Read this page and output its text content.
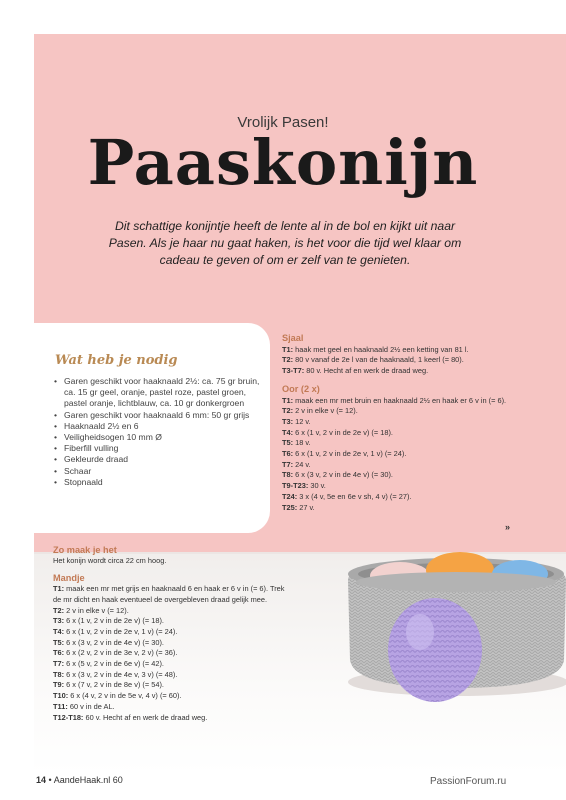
Vrolijk Pasen!
Paaskonijn
Dit schattige konijntje heeft de lente al in de bol en kijkt uit naar Pasen. Als je haar nu gaat haken, is het voor die tijd wel klaar om cadeau te geven of om er zelf van te genieten.
Wat heb je nodig
• Garen geschikt voor haaknaald 2½: ca. 75 gr bruin, ca. 15 gr geel, oranje, pastel roze, pastel groen, pastel oranje, lichtblauw, ca. 10 gr donkergroen
• Garen geschikt voor haaknaald 6 mm: 50 gr grijs
• Haaknaald 2½ en 6
• Veiligheidsogen 10 mm Ø
• Fiberfill vulling
• Gekleurde draad
• Schaar
• Stopnaald
Sjaal
T1: haak met geel en haaknaald 2½ een ketting van 81 l.
T2: 80 v vanaf de 2e l van de haaknaald, 1 keerl (= 80).
T3-T7: 80 v. Hecht af en werk de draad weg.
Oor (2 x)
T1: maak een mr met bruin en haaknaald 2½ en haak er 6 v in (= 6).
T2: 2 v in elke v (= 12).
T3: 12 v.
T4: 6 x (1 v, 2 v in de 2e v) (= 18).
T5: 18 v.
T6: 6 x (1 v, 2 v in de 2e v, 1 v) (= 24).
T7: 24 v.
T8: 6 x (3 v, 2 v in de 4e v) (= 30).
T9-T23: 30 v.
T24: 3 x (4 v, 5e en 6e v sh, 4 v) (= 27).
T25: 27 v.
»
Zo maak je het
Het konijn wordt circa 22 cm hoog.
Mandje
T1: maak een mr met grijs en haaknaald 6 en haak er 6 v in (= 6). Trek de mr dicht en haak eventueel de overgebleven draad gelijk mee.
T2: 2 v in elke v (= 12).
T3: 6 x (1 v, 2 v in de 2e v) (= 18).
T4: 6 x (1 v, 2 v in de 2e v, 1 v) (= 24).
T5: 6 x (3 v, 2 v in de 4e v) (= 30).
T6: 6 x (2 v, 2 v in de 3e v, 2 v) (= 36).
T7: 6 x (5 v, 2 v in de 6e v) (= 42).
T8: 6 x (3 v, 2 v in de 4e v, 3 v) (= 48).
T9: 6 x (7 v, 2 v in de 8e v) (= 54).
T10: 6 x (4 v, 2 v in de 5e v, 4 v) (= 60).
T11: 60 v in de AL.
T12-T18: 60 v. Hecht af en werk de draad weg.
14 • AandeHaak.nl 60	PassionForum.ru
